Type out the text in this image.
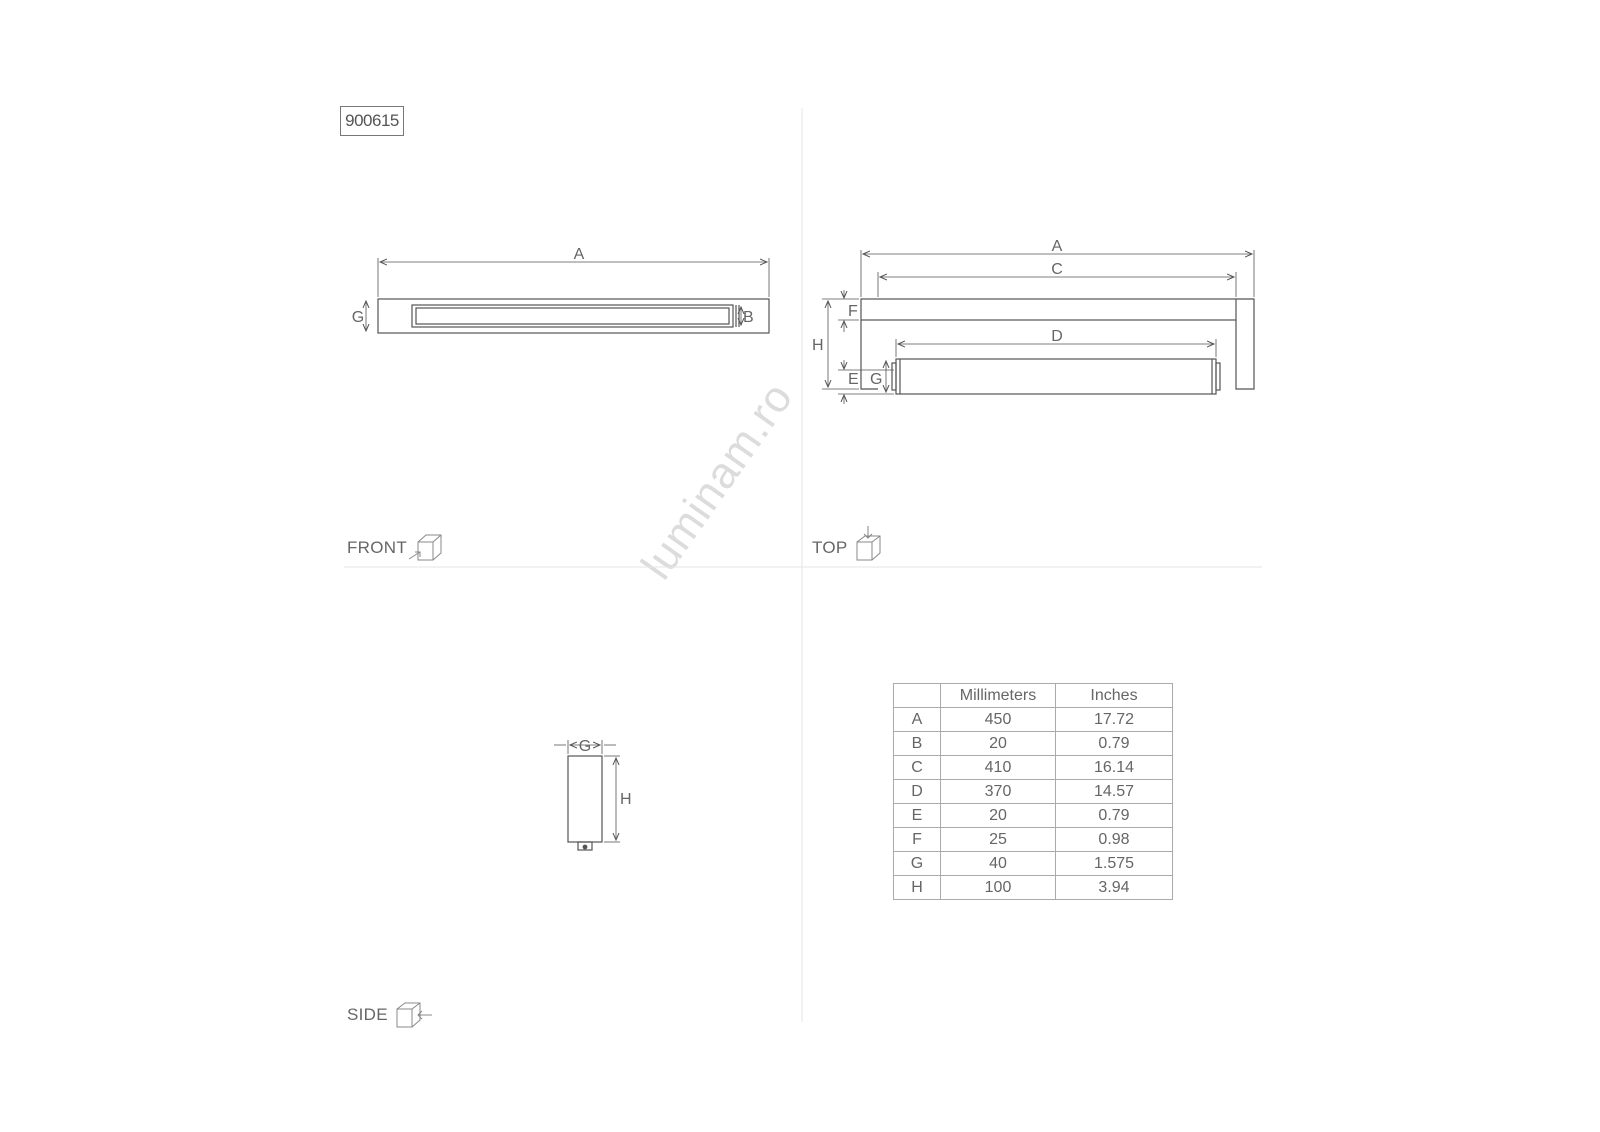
900615
luminam.ro
A
G	B
FRONT
A
C
D
F
H
E G
TOP
G
H
SIDE
	Millimeters	Inches
A	450	17.72
B	20	0.79
C	410	16.14
D	370	14.57
E	20	0.79
F	25	0.98
G	40	1.575
H	100	3.94
